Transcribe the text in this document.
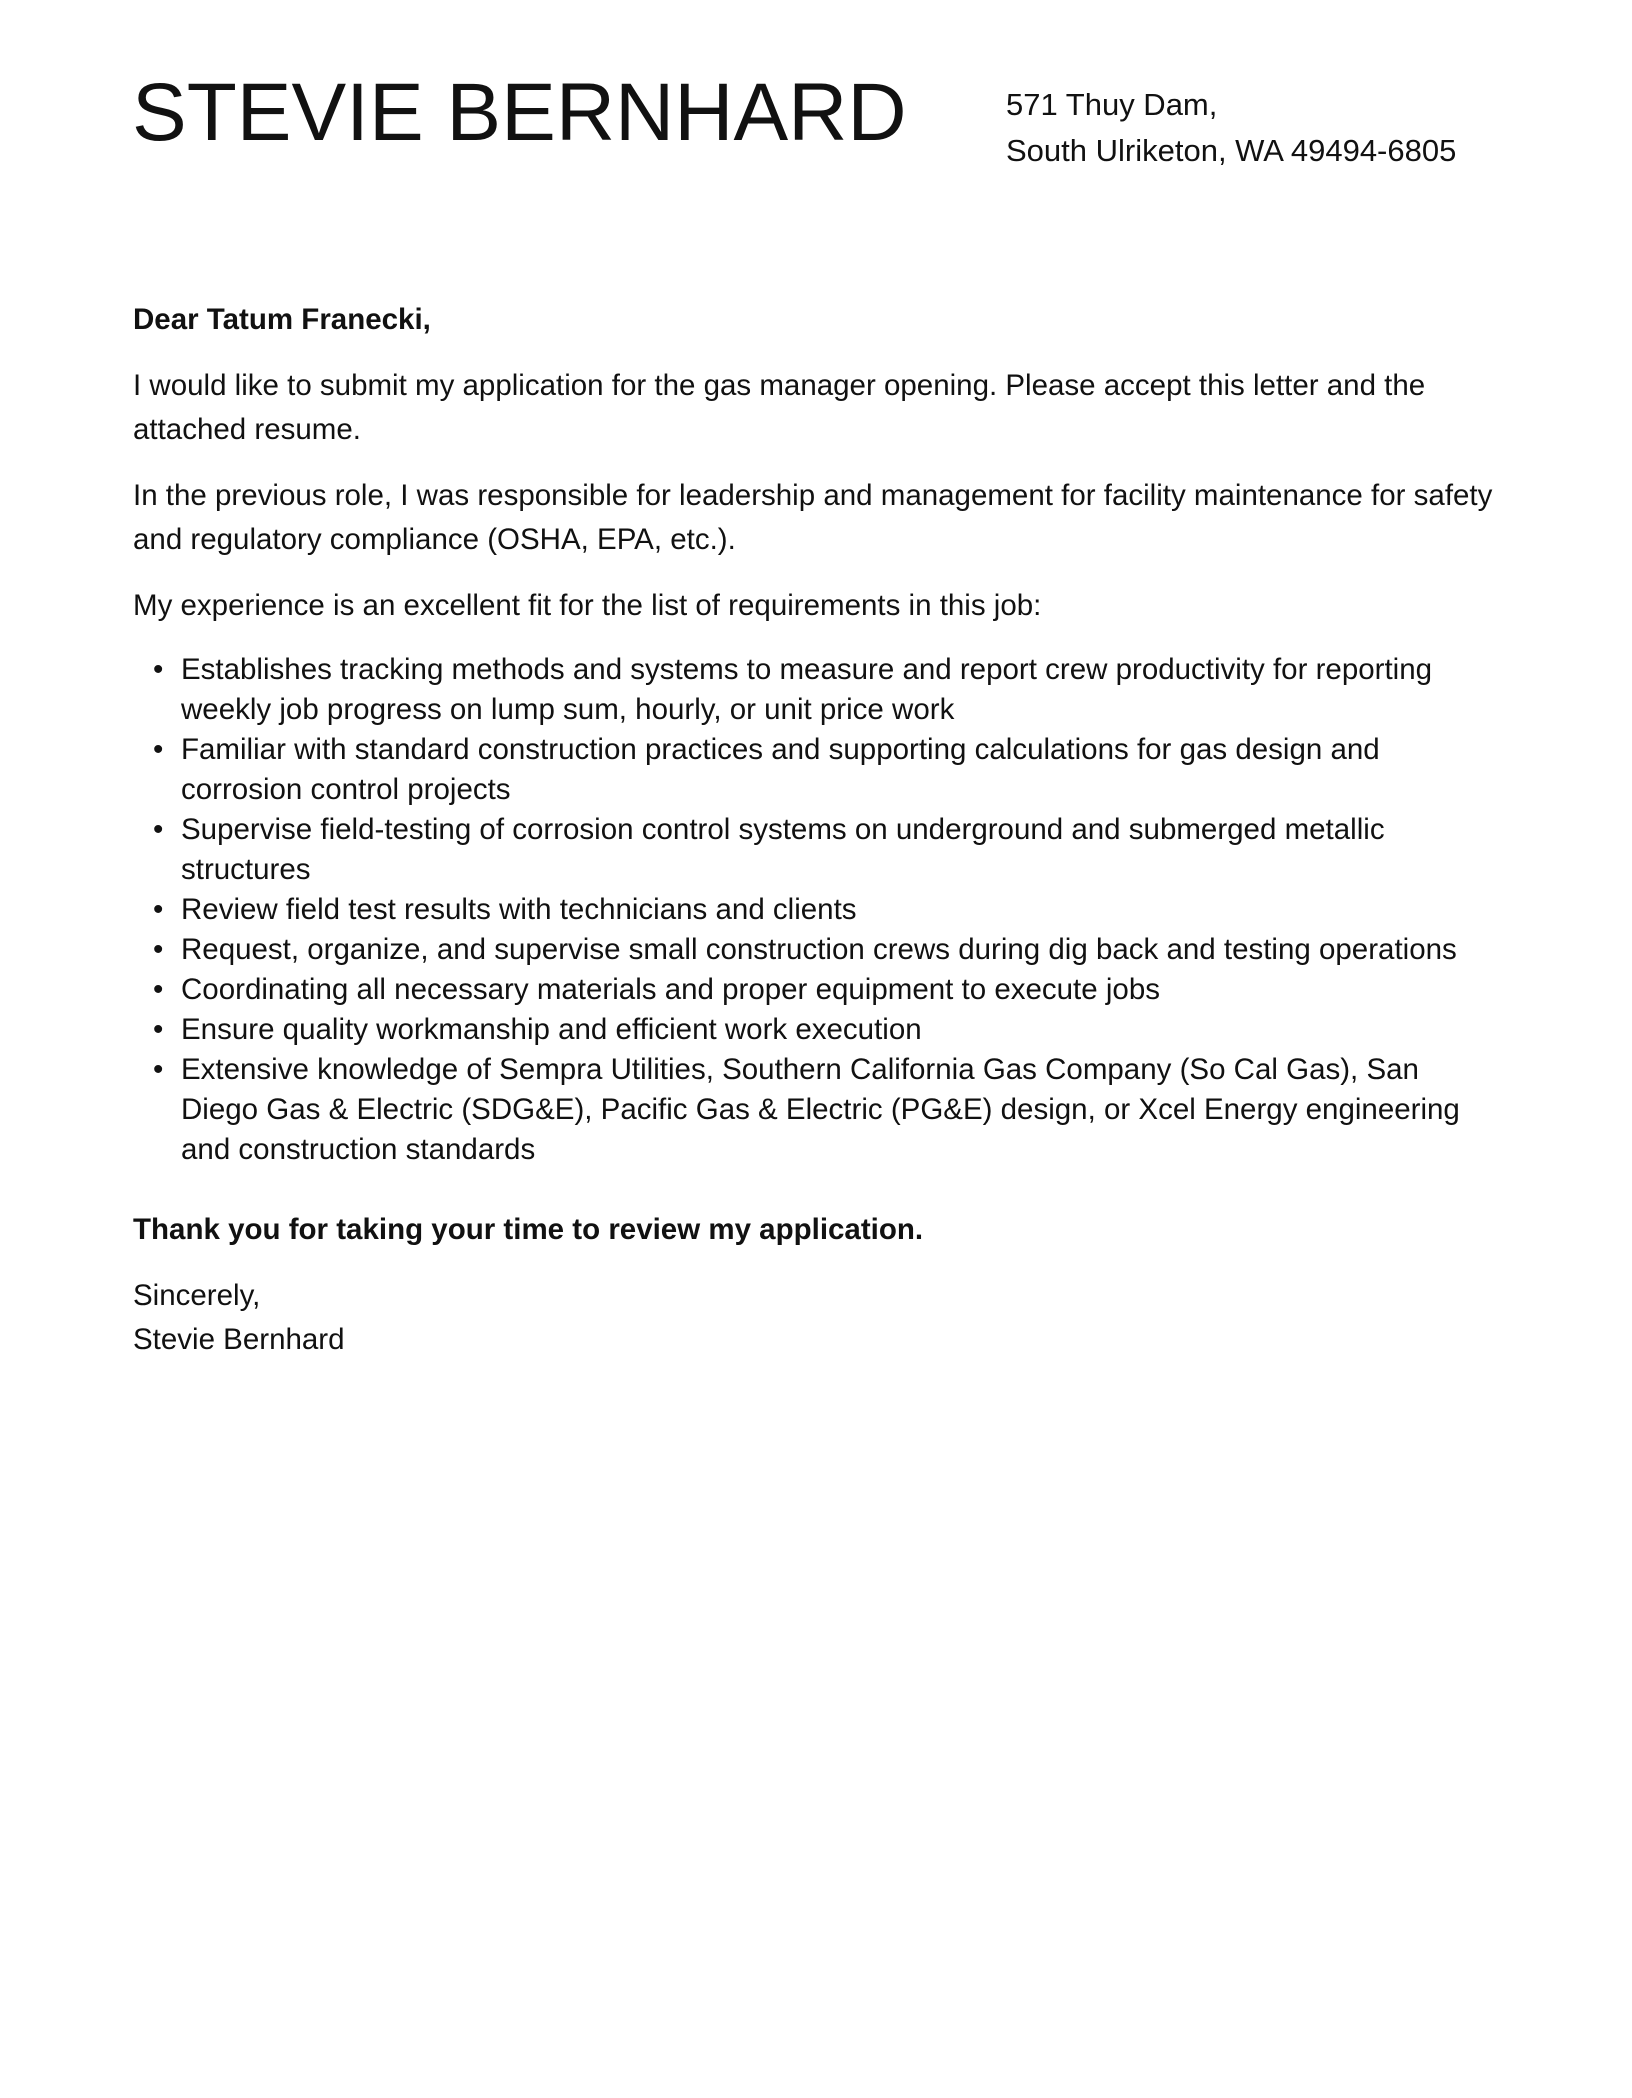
STEVIE BERNHARD	571 Thuy Dam,
South Ulriketon, WA 49494-6805

Dear Tatum Franecki,

I would like to submit my application for the gas manager opening. Please accept this letter and the attached resume.

In the previous role, I was responsible for leadership and management for facility maintenance for safety and regulatory compliance (OSHA, EPA, etc.).

My experience is an excellent fit for the list of requirements in this job:

• Establishes tracking methods and systems to measure and report crew productivity for reporting weekly job progress on lump sum, hourly, or unit price work
• Familiar with standard construction practices and supporting calculations for gas design and corrosion control projects
• Supervise field-testing of corrosion control systems on underground and submerged metallic structures
• Review field test results with technicians and clients
• Request, organize, and supervise small construction crews during dig back and testing operations
• Coordinating all necessary materials and proper equipment to execute jobs
• Ensure quality workmanship and efficient work execution
• Extensive knowledge of Sempra Utilities, Southern California Gas Company (So Cal Gas), San Diego Gas & Electric (SDG&E), Pacific Gas & Electric (PG&E) design, or Xcel Energy engineering and construction standards

Thank you for taking your time to review my application.

Sincerely,
Stevie Bernhard
